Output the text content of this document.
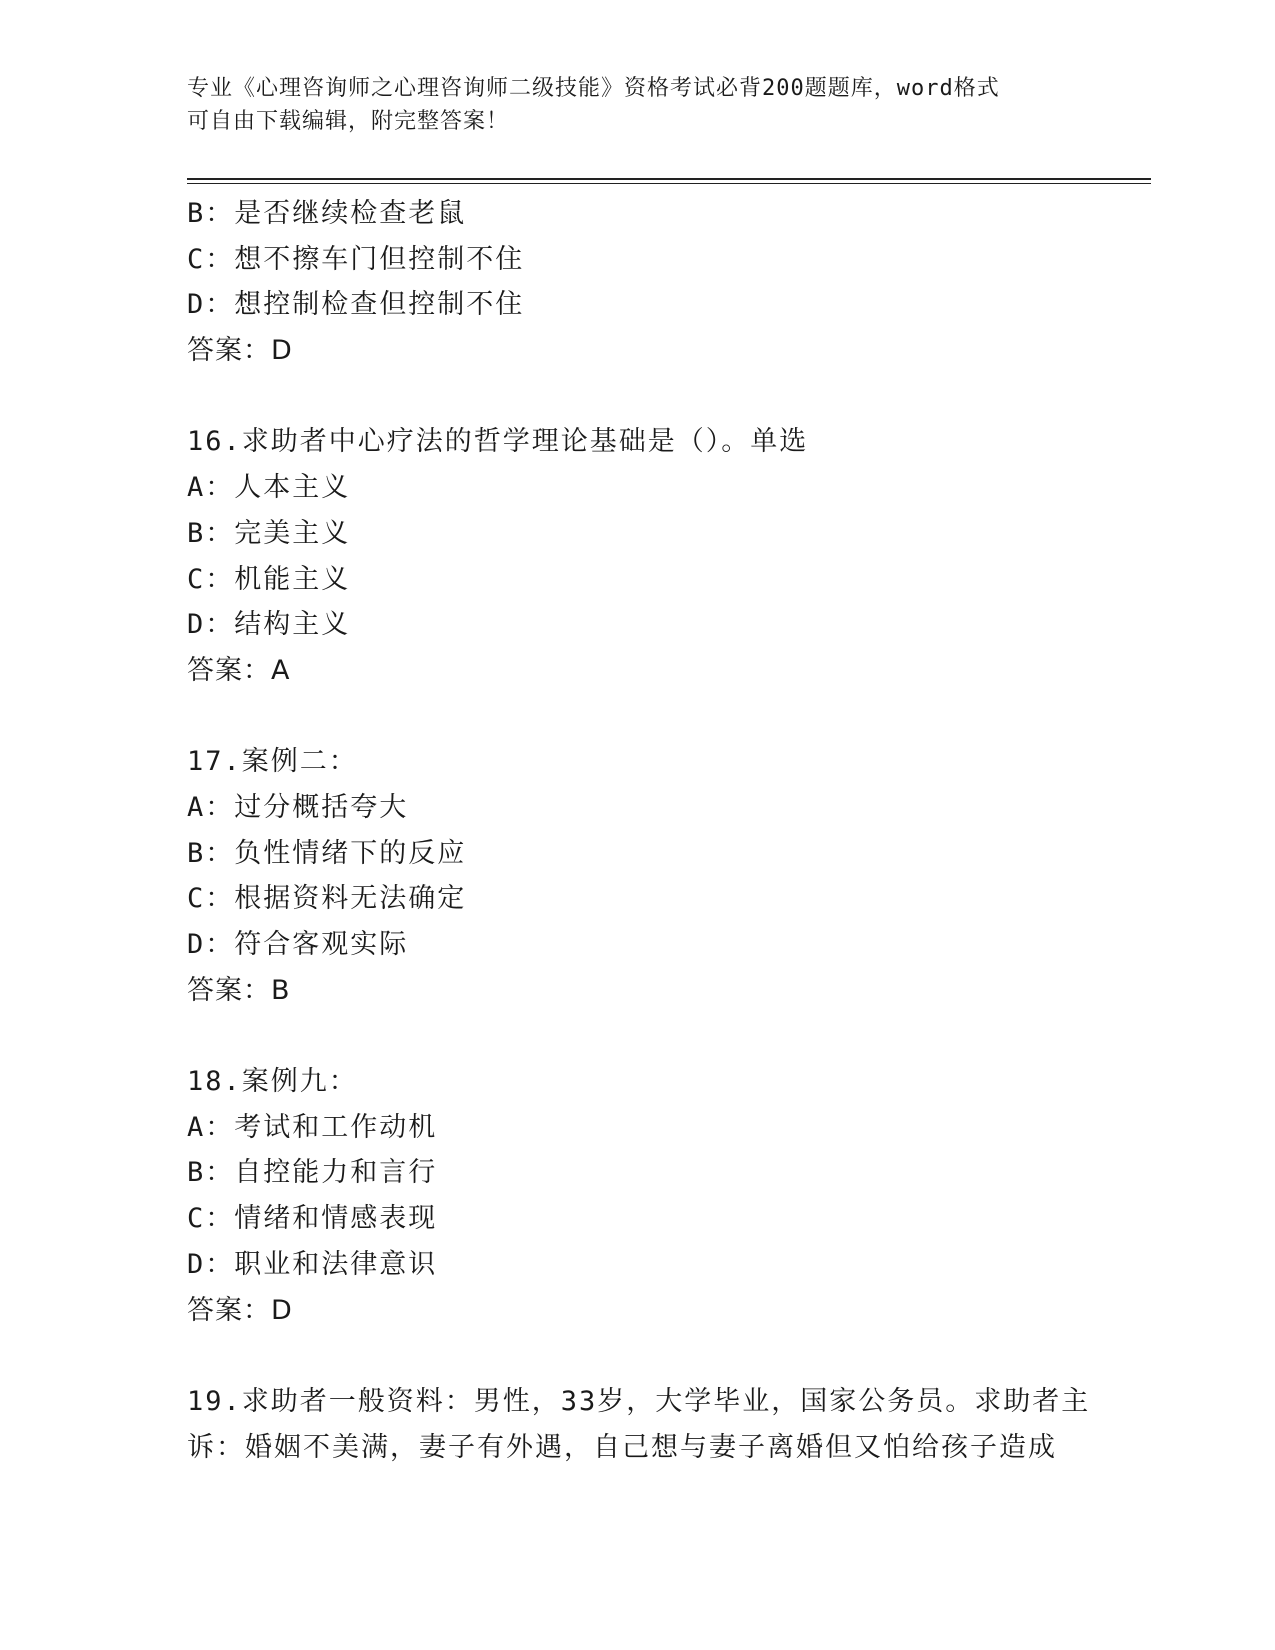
专业《心理咨询师之心理咨询师二级技能》资格考试必背200题题库，word格式
可自由下载编辑，附完整答案！
B：是否继续检查老鼠
C：想不擦车门但控制不住
D：想控制检查但控制不住
答案：D
16.求助者中心疗法的哲学理论基础是（）。单选
A：人本主义
B：完美主义
C：机能主义
D：结构主义
答案：A
17.案例二：
A：过分概括夸大
B：负性情绪下的反应
C：根据资料无法确定
D：符合客观实际
答案：B
18.案例九：
A：考试和工作动机
B：自控能力和言行
C：情绪和情感表现
D：职业和法律意识
答案：D
19.求助者一般资料：男性，33岁，大学毕业，国家公务员。求助者主
诉：婚姻不美满，妻子有外遇，自己想与妻子离婚但又怕给孩子造成
